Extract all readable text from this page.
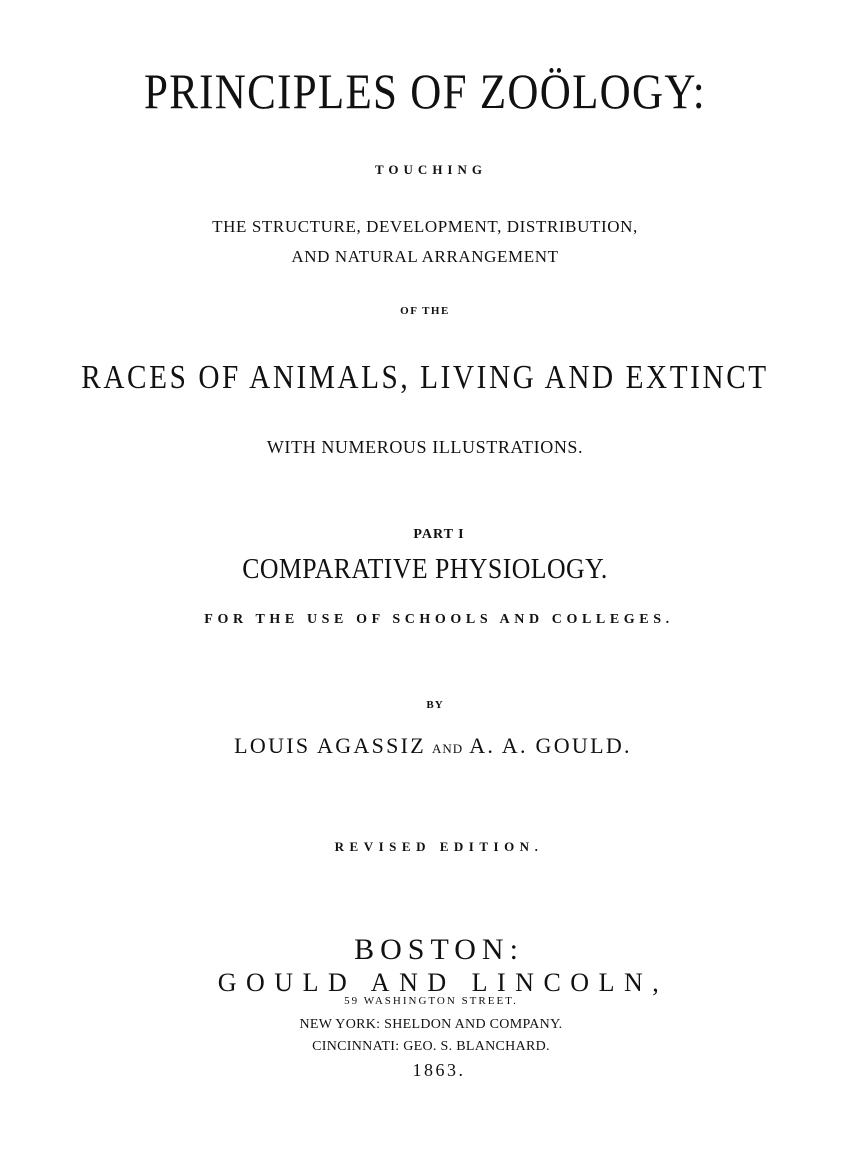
PRINCIPLES OF ZOÖLOGY:
TOUCHING
THE STRUCTURE, DEVELOPMENT, DISTRIBUTION,
AND NATURAL ARRANGEMENT
OF THE
RACES OF ANIMALS, LIVING AND EXTINCT
WITH NUMEROUS ILLUSTRATIONS.
PART I
COMPARATIVE PHYSIOLOGY.
FOR THE USE OF SCHOOLS AND COLLEGES.
BY
LOUIS AGASSIZ AND A. A. GOULD.
REVISED EDITION.
BOSTON:
GOULD AND LINCOLN,
59 WASHINGTON STREET.
NEW YORK: SHELDON AND COMPANY.
CINCINNATI: GEO. S. BLANCHARD.
1863.
